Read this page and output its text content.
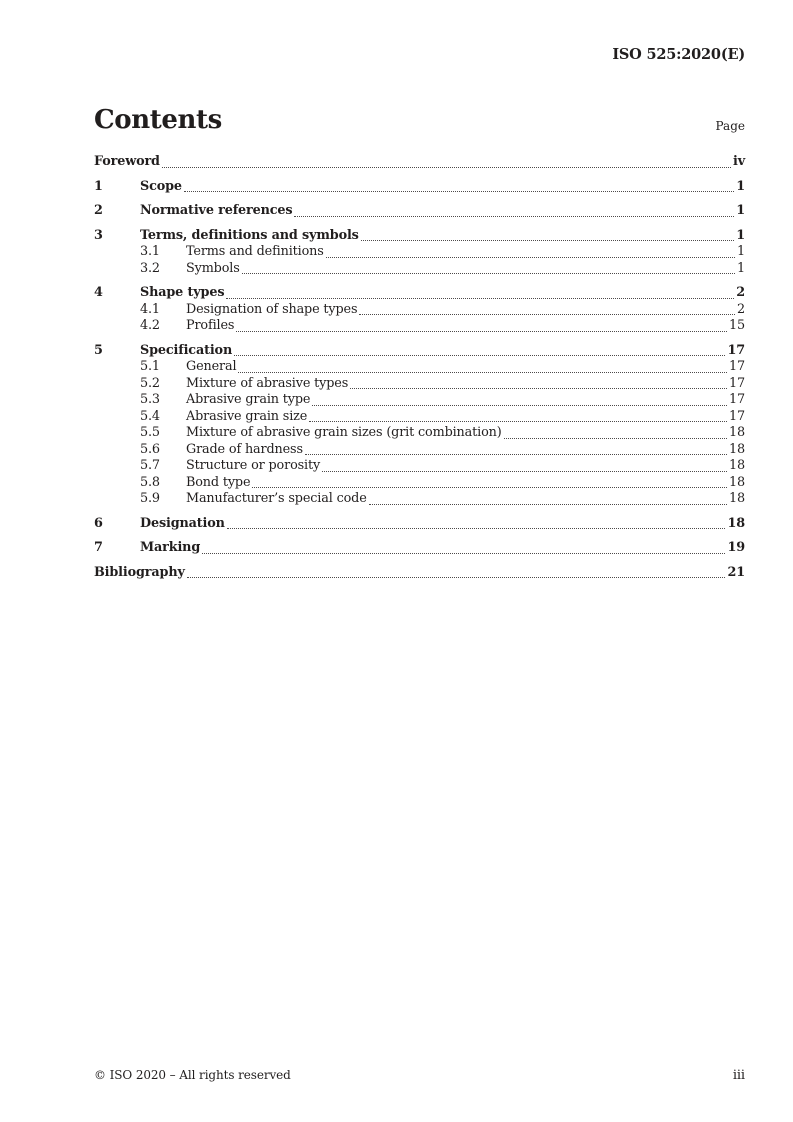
ISO 525:2020(E)
Contents	Page
Foreword	iv
1	Scope	1
2	Normative references	1
3	Terms, definitions and symbols	1
3.1	Terms and definitions	1
3.2	Symbols	1
4	Shape types	2
4.1	Designation of shape types	2
4.2	Profiles	15
5	Specification	17
5.1	General	17
5.2	Mixture of abrasive types	17
5.3	Abrasive grain type	17
5.4	Abrasive grain size	17
5.5	Mixture of abrasive grain sizes (grit combination)	18
5.6	Grade of hardness	18
5.7	Structure or porosity	18
5.8	Bond type	18
5.9	Manufacturer’s special code	18
6	Designation	18
7	Marking	19
Bibliography	21
© ISO 2020 – All rights reserved	iii
